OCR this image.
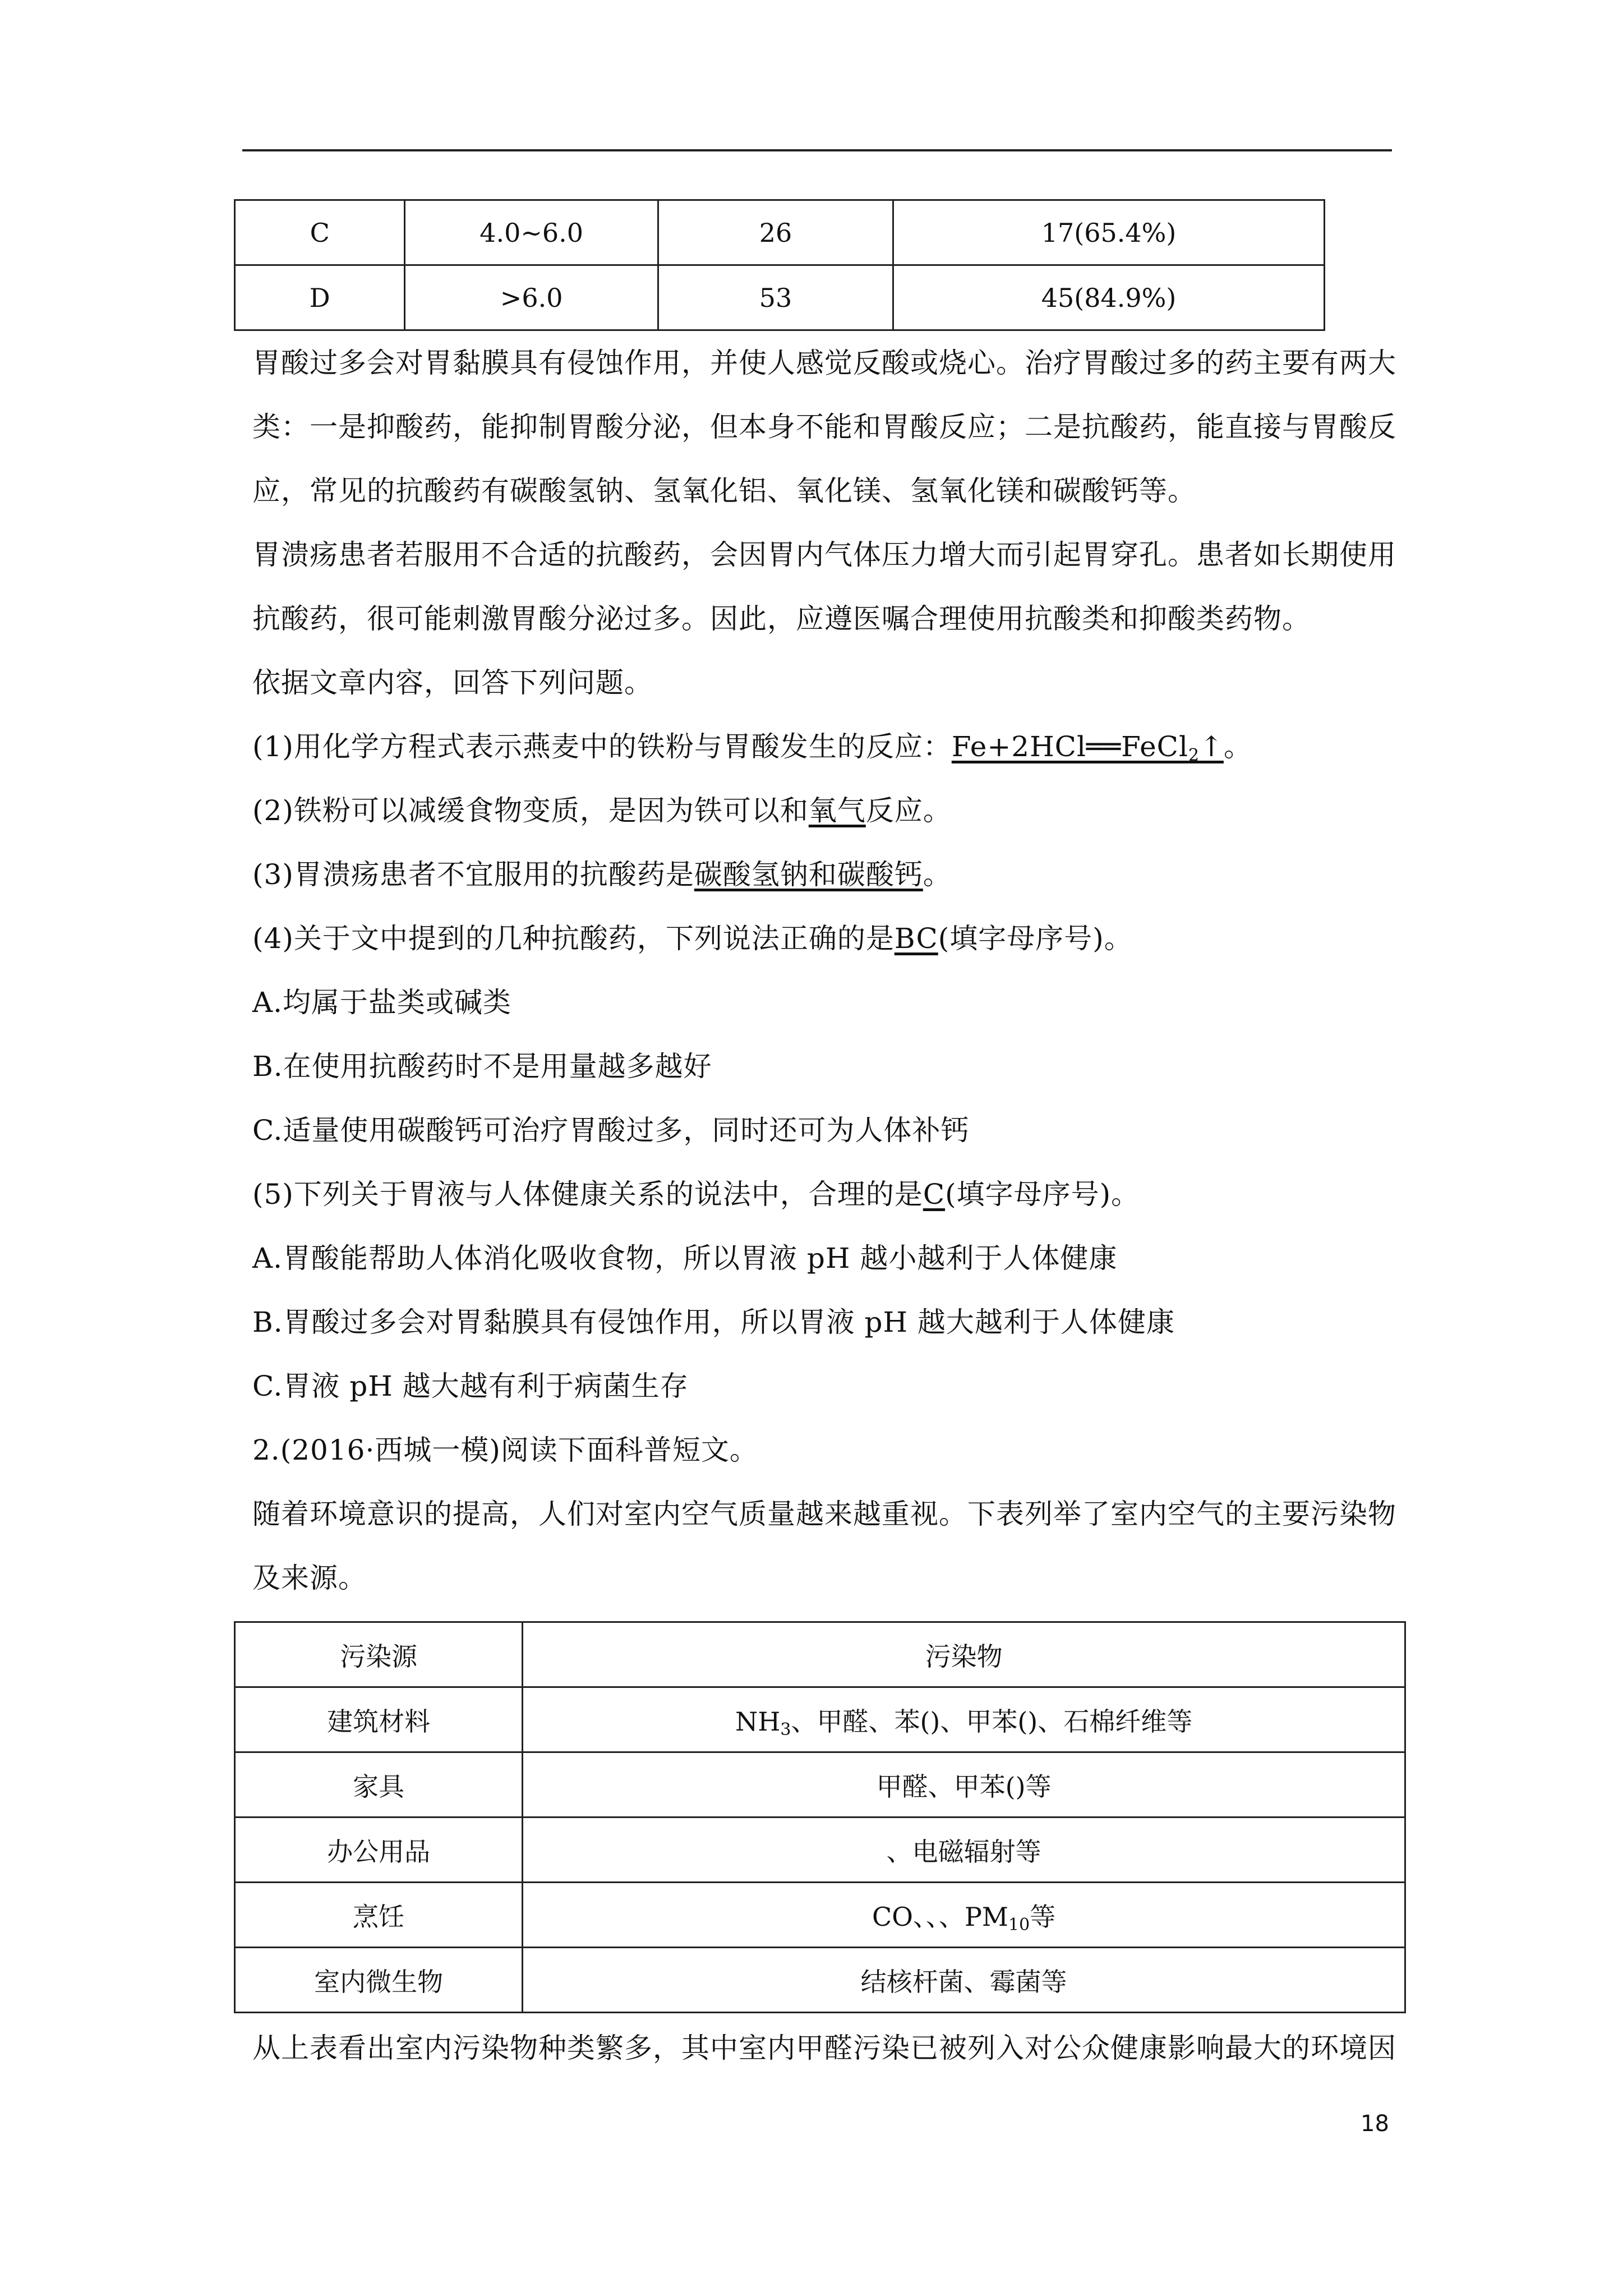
C	4.0~6.0	26	17(65.4%)
D	>6.0	53	45(84.9%)
胃酸过多会对胃黏膜具有侵蚀作用，并使人感觉反酸或烧心。治疗胃酸过多的药主要有两大
类：一是抑酸药，能抑制胃酸分泌，但本身不能和胃酸反应；二是抗酸药，能直接与胃酸反
应，常见的抗酸药有碳酸氢钠、氢氧化铝、氧化镁、氢氧化镁和碳酸钙等。
胃溃疡患者若服用不合适的抗酸药，会因胃内气体压力增大而引起胃穿孔。患者如长期使用
抗酸药，很可能刺激胃酸分泌过多。因此，应遵医嘱合理使用抗酸类和抑酸类药物。
依据文章内容，回答下列问题。
(1)用化学方程式表示燕麦中的铁粉与胃酸发生的反应：Fe+2HCl══FeCl$_2$↑。
(2)铁粉可以减缓食物变质，是因为铁可以和氧气反应。
(3)胃溃疡患者不宜服用的抗酸药是碳酸氢钠和碳酸钙。
(4)关于文中提到的几种抗酸药，下列说法正确的是BC(填字母序号)。
A.均属于盐类或碱类
B.在使用抗酸药时不是用量越多越好
C.适量使用碳酸钙可治疗胃酸过多，同时还可为人体补钙
(5)下列关于胃液与人体健康关系的说法中，合理的是C(填字母序号)。
A.胃酸能帮助人体消化吸收食物，所以胃液 pH 越小越利于人体健康
B.胃酸过多会对胃黏膜具有侵蚀作用，所以胃液 pH 越大越利于人体健康
C.胃液 pH 越大越有利于病菌生存
2.(2016·西城一模)阅读下面科普短文。
随着环境意识的提高，人们对室内空气质量越来越重视。下表列举了室内空气的主要污染物
及来源。
污染源	污染物
建筑材料	$NH_3$、甲醛、苯()、甲苯()、石棉纤维等
家具	甲醛、甲苯()等
办公用品	、电磁辐射等
烹饪	CO、、、$PM_{10}$等
室内微生物	结核杆菌、霉菌等
从上表看出室内污染物种类繁多，其中室内甲醛污染已被列入对公众健康影响最大的环境因
18
